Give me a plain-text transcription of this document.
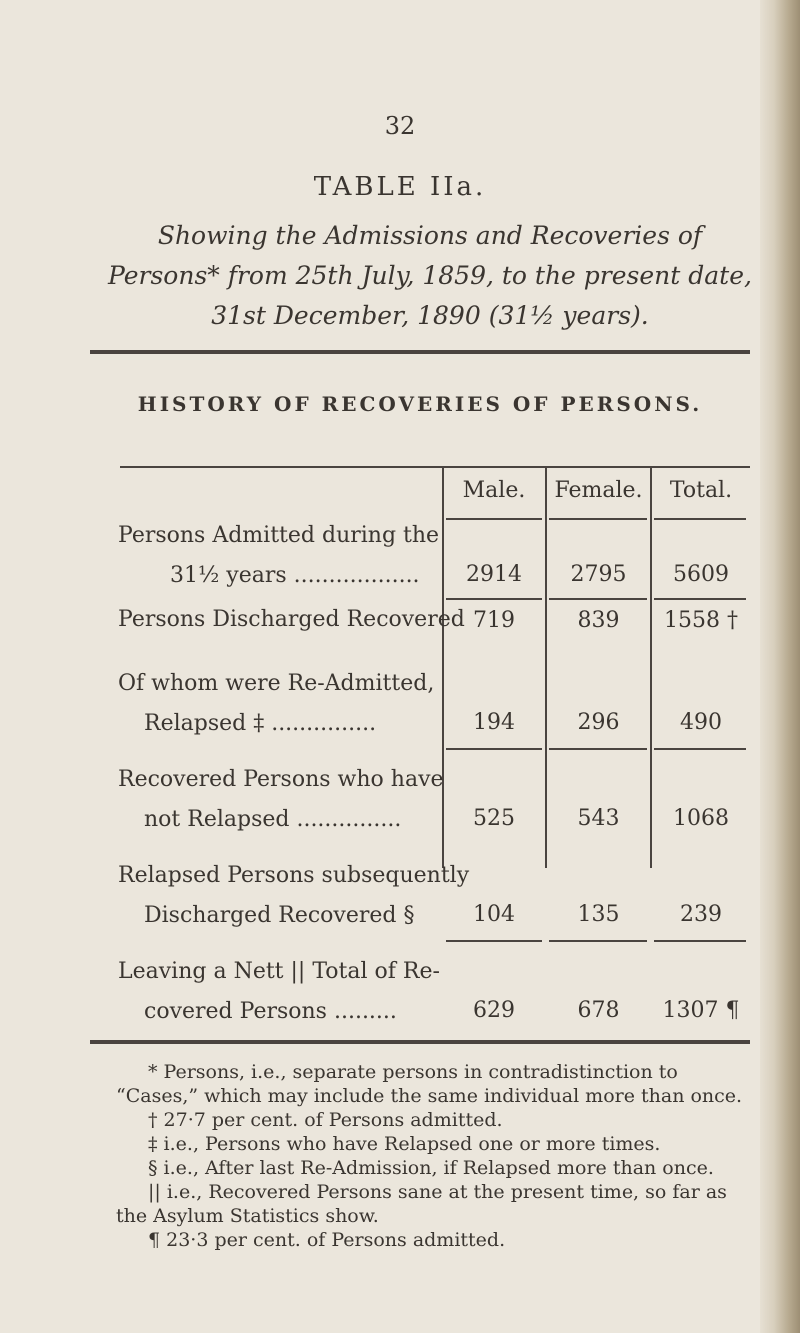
32
TABLE IIa.
Showing the Admissions and Recoveries of Persons* from 25th July, 1859, to the present date, 31st December, 1890 (31½ years).
HISTORY OF RECOVERIES OF PERSONS.
Male.	Female.	Total.
Persons Admitted during the
31½ years ..................	2914	2795	5609
Persons Discharged Recovered 719	839	1558 †
Of whom were Re-Admitted,
Relapsed ‡ ...............	194	296	490
Recovered Persons who have
not Relapsed ...............	525	543	1068
Relapsed Persons subsequently
Discharged Recovered §	104	135	239
Leaving a Nett || Total of Re-
covered Persons .........	629	678	1307 ¶

* Persons, i.e., separate persons in contradistinction to “Cases,” which may include the same individual more than once.

† 27·7 per cent. of Persons admitted.

‡ i.e., Persons who have Relapsed one or more times.

§ i.e., After last Re-Admission, if Relapsed more than once.

|| i.e., Recovered Persons sane at the present time, so far as the Asylum Statistics show.

¶ 23·3 per cent. of Persons admitted.
